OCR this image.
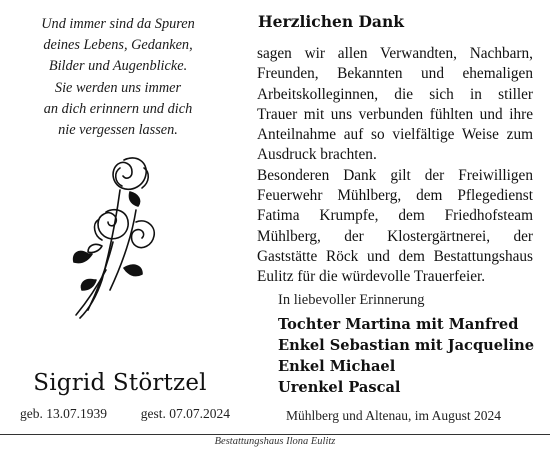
Und immer sind da Spuren
deines Lebens, Gedanken,
Bilder und Augenblicke.
Sie werden uns immer
an dich erinnern und dich
nie vergessen lassen.
Sigrid Störtzel
geb. 13.07.1939	gest. 07.07.2024
Herzlichen Dank
sagen wir allen Verwandten, Nachbarn,
Freunden, Bekannten und ehemaligen
Arbeitskolleginnen, die sich in stiller
Trauer mit uns verbunden fühlten und ihre
Anteilnahme auf so vielfältige Weise zum
Ausdruck brachten.
Besonderen Dank gilt der Freiwilligen
Feuerwehr Mühlberg, dem Pflegedienst
Fatima Krumpfe, dem Friedhofsteam
Mühlberg, der Klostergärtnerei, der
Gaststätte Röck und dem Bestattungshaus
Eulitz für die würdevolle Trauerfeier.
In liebevoller Erinnerung
Tochter Martina mit Manfred
Enkel Sebastian mit Jacqueline
Enkel Michael
Urenkel Pascal
Mühlberg und Altenau, im August 2024
Bestattungshaus Ilona Eulitz
